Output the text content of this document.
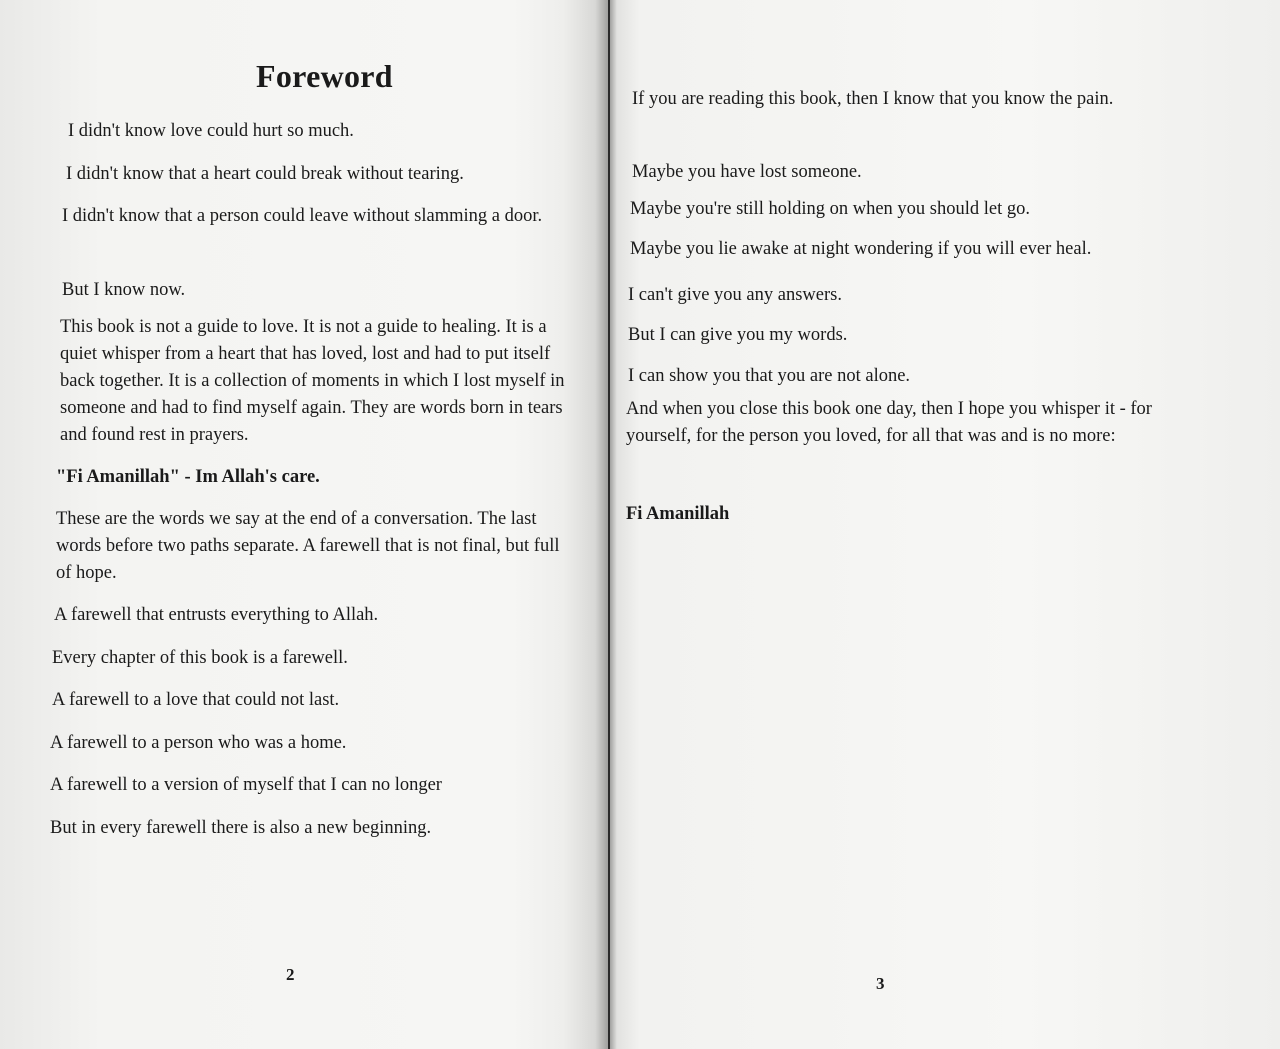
Foreword

I didn't know love could hurt so much.

I didn't know that a heart could break without tearing.

I didn't know that a person could leave without slamming a door.

But I know now.

This book is not a guide to love. It is not a guide to healing. It is a quiet whisper from a heart that has loved, lost and had to put itself back together. It is a collection of moments in which I lost myself in someone and had to find myself again. They are words born in tears and found rest in prayers.

"Fi Amanillah" - Im Allah's care.

These are the words we say at the end of a conversation. The last words before two paths separate. A farewell that is not final, but full of hope.

A farewell that entrusts everything to Allah.

Every chapter of this book is a farewell.

A farewell to a love that could not last.

A farewell to a person who was a home.

A farewell to a version of myself that I can no longer

But in every farewell there is also a new beginning.

2

If you are reading this book, then I know that you know the pain.

Maybe you have lost someone.

Maybe you're still holding on when you should let go.

Maybe you lie awake at night wondering if you will ever heal.

I can't give you any answers.

But I can give you my words.

I can show you that you are not alone.

And when you close this book one day, then I hope you whisper it - for yourself, for the person you loved, for all that was and is no more:

Fi Amanillah

3
